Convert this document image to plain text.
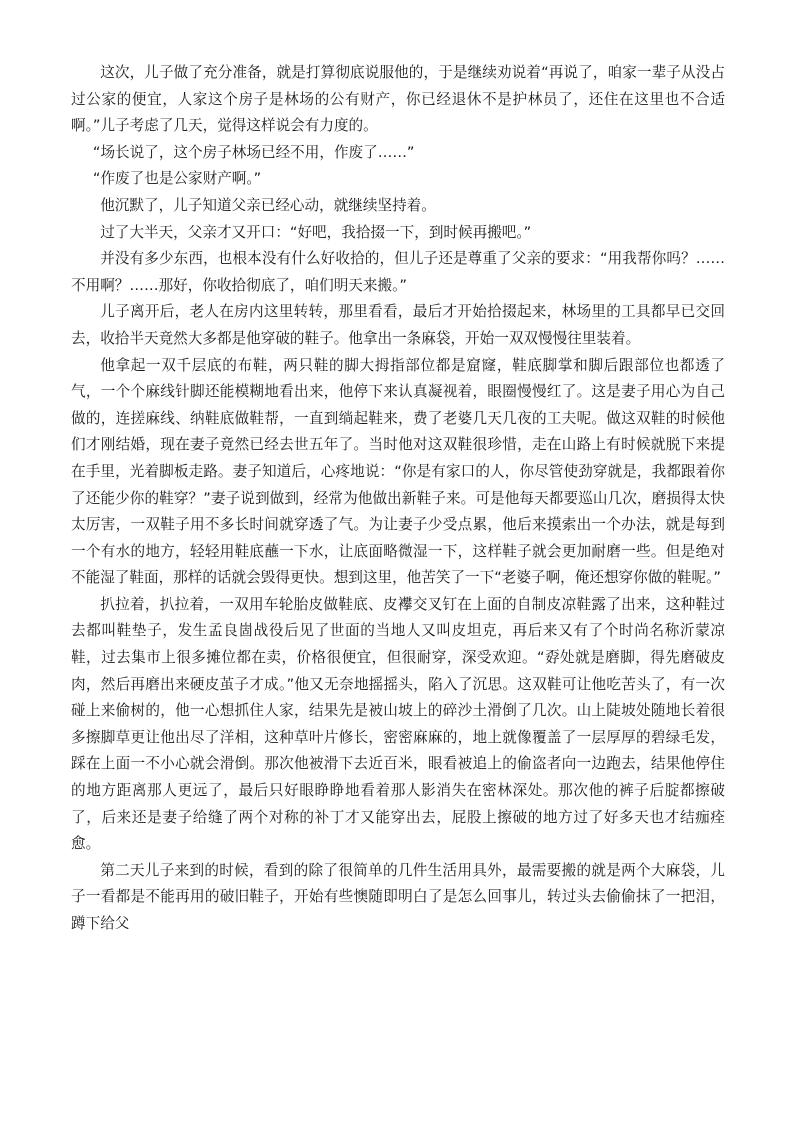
这次，儿子做了充分准备，就是打算彻底说服他的，于是继续劝说着“再说了，咱家一辈子从没占过公家的便宜，人家这个房子是林场的公有财产，你已经退休不是护林员了，还住在这里也不合适啊。”儿子考虑了几天，觉得这样说会有力度的。

“场长说了，这个房子林场已经不用，作废了……”

“作废了也是公家财产啊。”

他沉默了，儿子知道父亲已经心动，就继续坚持着。

过了大半天，父亲才又开口：“好吧，我拾掇一下，到时候再搬吧。”

并没有多少东西，也根本没有什么好收拾的，但儿子还是尊重了父亲的要求：“用我帮你吗？……不用啊？……那好，你收拾彻底了，咱们明天来搬。”

儿子离开后，老人在房内这里转转，那里看看，最后才开始拾掇起来，林场里的工具都早已交回去，收拾半天竟然大多都是他穿破的鞋子。他拿出一条麻袋，开始一双双慢慢往里装着。

他拿起一双千层底的布鞋，两只鞋的脚大拇指部位都是窟窿，鞋底脚掌和脚后跟部位也都透了气，一个个麻线针脚还能模糊地看出来，他停下来认真凝视着，眼圈慢慢红了。这是妻子用心为自己做的，连搓麻线、纳鞋底做鞋帮，一直到绱起鞋来，费了老婆几天几夜的工夫呢。做这双鞋的时候他们才刚结婚，现在妻子竟然已经去世五年了。当时他对这双鞋很珍惜，走在山路上有时候就脱下来提在手里，光着脚板走路。妻子知道后，心疼地说：“你是有家口的人，你尽管使劲穿就是，我都跟着你了还能少你的鞋穿？”妻子说到做到，经常为他做出新鞋子来。可是他每天都要巡山几次，磨损得太快太厉害，一双鞋子用不多长时间就穿透了气。为让妻子少受点累，他后来摸索出一个办法，就是每到一个有水的地方，轻轻用鞋底蘸一下水，让底面略微湿一下，这样鞋子就会更加耐磨一些。但是绝对不能湿了鞋面，那样的话就会毁得更快。想到这里，他苦笑了一下“老婆子啊，俺还想穿你做的鞋呢。”

扒拉着，扒拉着，一双用车轮胎皮做鞋底、皮襻交叉钉在上面的自制皮凉鞋露了出来，这种鞋过去都叫鞋垫子，发生孟良崮战役后见了世面的当地人又叫皮坦克，再后来又有了个时尚名称沂蒙凉鞋，过去集市上很多摊位都在卖，价格很便宜，但很耐穿，深受欢迎。“孬处就是磨脚，得先磨破皮肉，然后再磨出来硬皮茧子才成。”他又无奈地摇摇头，陷入了沉思。这双鞋可让他吃苦头了，有一次碰上来偷树的，他一心想抓住人家，结果先是被山坡上的碎沙土滑倒了几次。山上陡坡处随地长着很多擦脚草更让他出尽了洋相，这种草叶片修长，密密麻麻的，地上就像覆盖了一层厚厚的碧绿毛发，踩在上面一不小心就会滑倒。那次他被滑下去近百米，眼看被追上的偷盗者向一边跑去，结果他停住的地方距离那人更远了，最后只好眼睁睁地看着那人影消失在密林深处。那次他的裤子后腚都擦破了，后来还是妻子给缝了两个对称的补丁才又能穿出去，屁股上擦破的地方过了好多天也才结痂痊愈。

第二天儿子来到的时候，看到的除了很简单的几件生活用具外，最需要搬的就是两个大麻袋，儿子一看都是不能再用的破旧鞋子，开始有些懊随即明白了是怎么回事儿，转过头去偷偷抹了一把泪，蹲下给父
